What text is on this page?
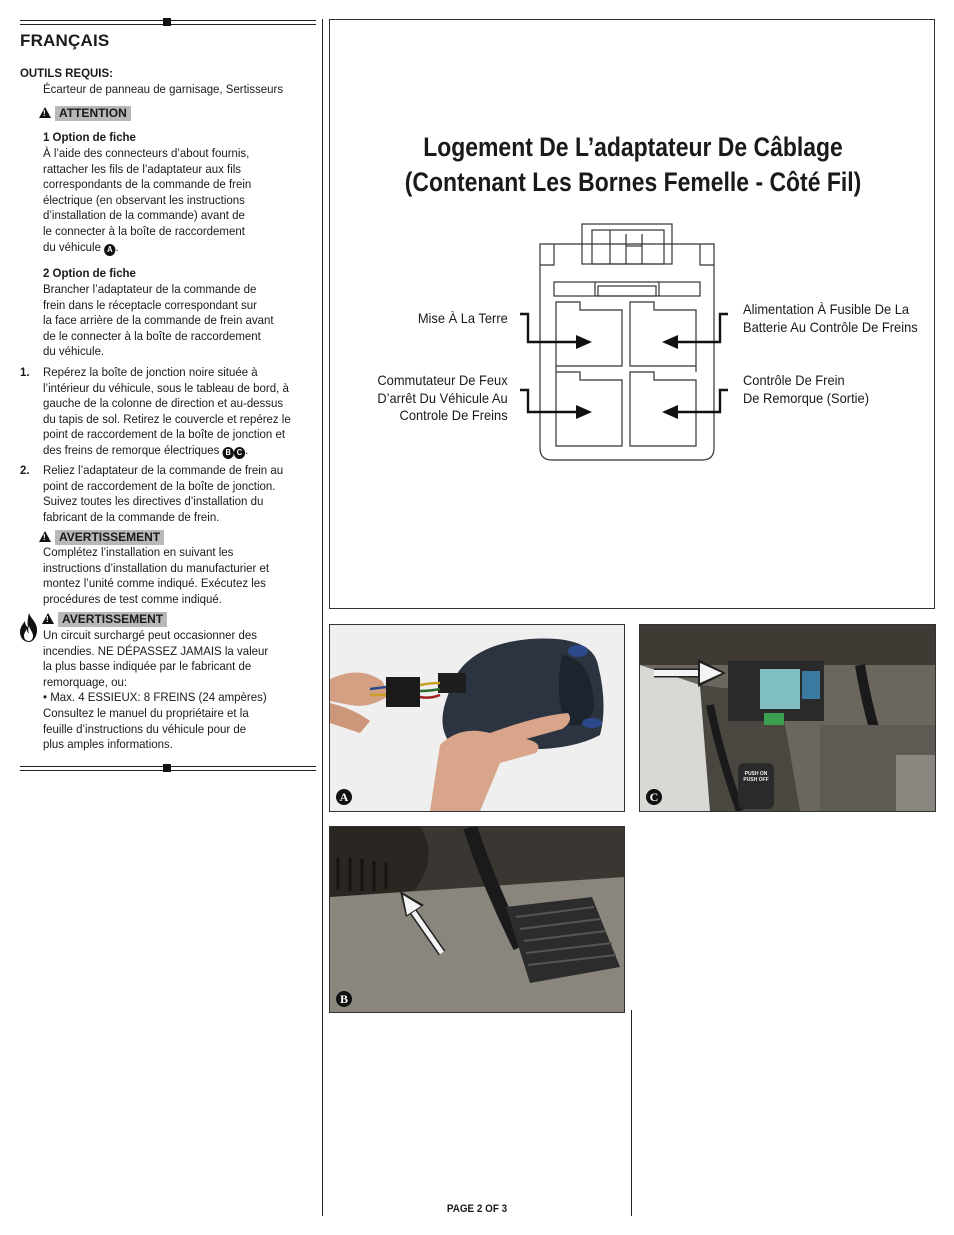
FRANÇAIS
OUTILS REQUIS:
Écarteur de panneau de garnisage, Sertisseurs
!	ATTENTION
1 Option de fiche
À l’aide des connecteurs d’about fournis,
rattacher les fils de l’adaptateur aux fils
correspondants de la commande de frein
électrique (en observant les instructions
d’installation de la commande) avant de
le connecter à la boîte de raccordement
du véhicule A .
2 Option de fiche
Brancher l’adaptateur de la commande de
frein dans le réceptacle correspondant sur
la face arrière de la commande de frein avant
de le connecter à la boîte de raccordement
du véhicule.
1. Repérez la boîte de jonction noire située à
l’intérieur du véhicule, sous le tableau de bord, à
gauche de la colonne de direction et au-dessus
du tapis de sol. Retirez le couvercle et repérez le
point de raccordement de la boîte de jonction et
des freins de remorque électriques B C .
2. Reliez l’adaptateur de la commande de frein au
point de raccordement de la boîte de jonction.
Suivez toutes les directives d’installation du
fabricant de la commande de frein.
!	AVERTISSEMENT
Complétez l’installation en suivant les
instructions d’installation du manufacturier et
montez l’unité comme indiqué. Exécutez les
procédures de test comme indiqué.
!	AVERTISSEMENT
Un circuit surchargé peut occasionner des
incendies. NE DÉPASSEZ JAMAIS la valeur
la plus basse indiquée par le fabricant de
remorquage, ou:
• Max. 4 ESSIEUX: 8 FREINS (24 ampères)
Consultez le manuel du propriétaire et la
feuille d’instructions du véhicule pour de
plus amples informations.
Logement De L’adaptateur De Câblage
(Contenant Les Bornes Femelle - Côté Fil)
Mise À La Terre
Commutateur De Feux
D’arrêt Du Véhicule Au
Controle De Freins
Alimentation À Fusible De La
Batterie Au Contrôle De Freins
Contrôle De Frein
De Remorque (Sortie)
A
PUSH ON
PUSH OFF
C
B
PAGE 2 OF 3
